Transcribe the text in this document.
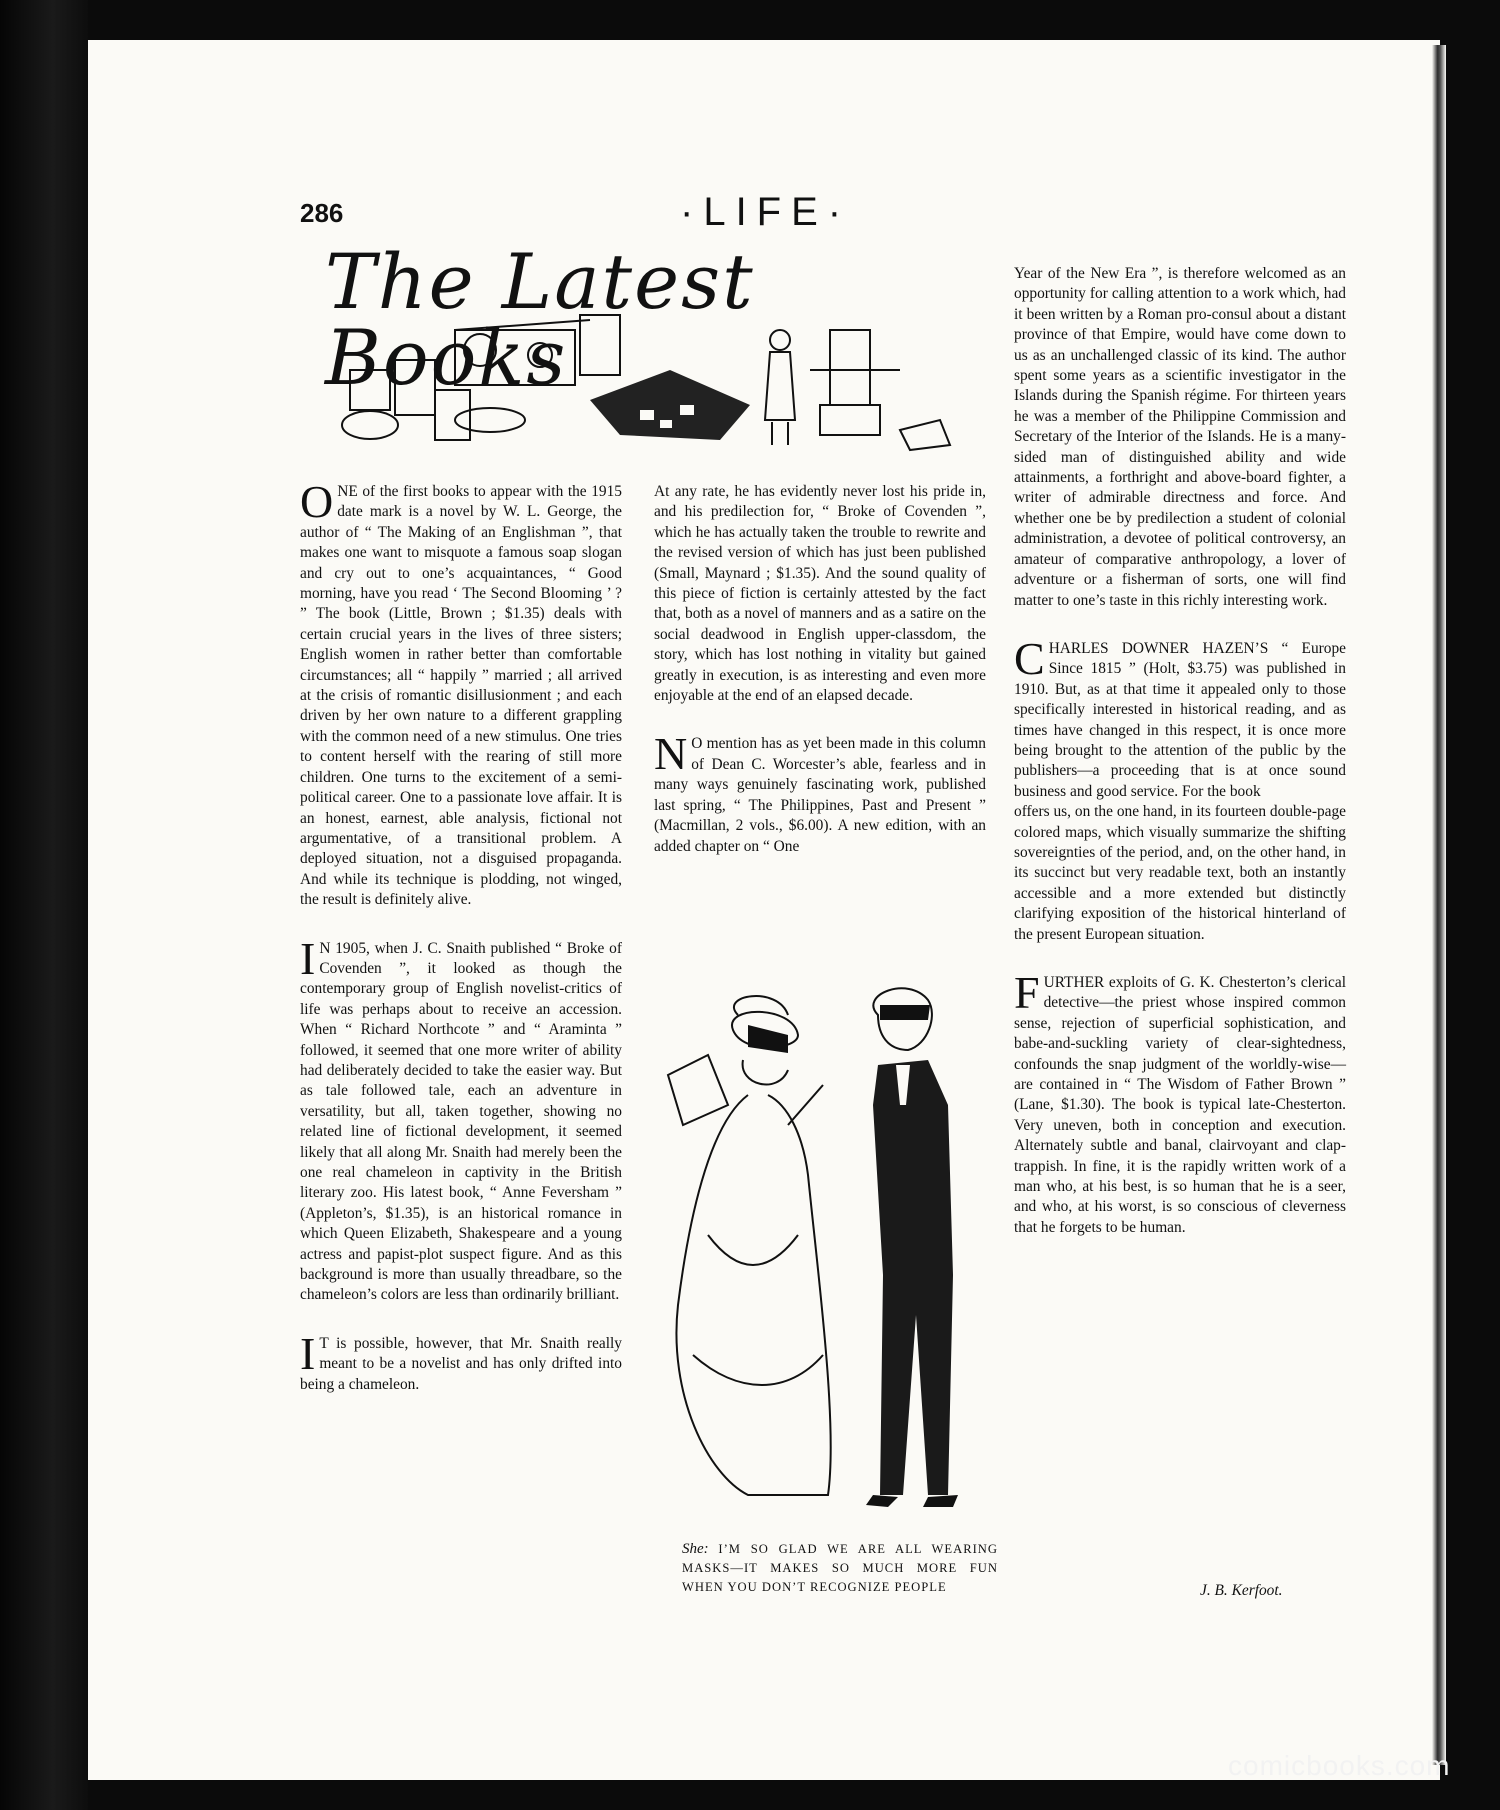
286	·LIFE·
The Latest Books

ONE of the first books to appear with the 1915 date mark is a novel by W. L. George, the author of “ The Making of an Englishman ”, that makes one want to misquote a famous soap slogan and cry out to one’s acquaintances, “ Good morning, have you read ‘ The Second Blooming ’ ? ” The book (Little, Brown ; $1.35) deals with certain crucial years in the lives of three sisters; English women in rather better than comfortable circumstances; all “ happily ” married ; all arrived at the crisis of romantic disillusionment ; and each driven by her own nature to a different grappling with the common need of a new stimulus. One tries to content herself with the rearing of still more children. One turns to the excitement of a semi-political career. One to a passionate love affair. It is an honest, earnest, able analysis, fictional not argumentative, of a transitional problem. A deployed situation, not a disguised propaganda. And while its technique is plodding, not winged, the result is definitely alive.

I N 1905, when J. C. Snaith published “ Broke of Covenden ”, it looked as though the contemporary group of English novelist-critics of life was perhaps about to receive an accession. When “ Richard Northcote ” and “ Araminta ” followed, it seemed that one more writer of ability had deliberately decided to take the easier way. But as tale followed tale, each an adventure in versatility, but all, taken together, showing no related line of fictional development, it seemed likely that all along Mr. Snaith had merely been the one real chameleon in captivity in the British literary zoo. His latest book, “ Anne Feversham ” (Appleton’s, $1.35), is an historical romance in which Queen Elizabeth, Shakespeare and a young actress and papist-plot suspect figure. And as this background is more than usually threadbare, so the chameleon’s colors are less than ordinarily brilliant.

I T is possible, however, that Mr. Snaith really meant to be a novelist and has only drifted into being a chameleon.

At any rate, he has evidently never lost his pride in, and his predilection for, “ Broke of Covenden ”, which he has actually taken the trouble to rewrite and the revised version of which has just been published (Small, Maynard ; $1.35). And the sound quality of this piece of fiction is certainly attested by the fact that, both as a novel of manners and as a satire on the social deadwood in English upper-classdom, the story, which has lost nothing in vitality but gained greatly in execution, is as interesting and even more enjoyable at the end of an elapsed decade.

N O mention has as yet been made in this column of Dean C. Worcester’s able, fearless and in many ways genuinely fascinating work, published last spring, “ The Philippines, Past and Present ” (Macmillan, 2 vols., $6.00). A new edition, with an added chapter on “ One

She: I’M SO GLAD WE ARE ALL WEARING MASKS—IT MAKES SO MUCH MORE FUN WHEN YOU DON’T RECOGNIZE PEOPLE

Year of the New Era ”, is therefore welcomed as an opportunity for calling attention to a work which, had it been written by a Roman pro-consul about a distant province of that Empire, would have come down to us as an unchallenged classic of its kind. The author spent some years as a scientific investigator in the Islands during the Spanish régime. For thirteen years he was a member of the Philippine Commission and Secretary of the Interior of the Islands. He is a many-sided man of distinguished ability and wide attainments, a forthright and above-board fighter, a writer of admirable directness and force. And whether one be by predilection a student of colonial administration, a devotee of political controversy, an amateur of comparative anthropology, a lover of adventure or a fisherman of sorts, one will find matter to one’s taste in this richly interesting work.

CHARLES DOWNER HAZEN’S “ Europe Since 1815 ” (Holt, $3.75) was published in 1910. But, as at that time it appealed only to those specifically interested in historical reading, and as times have changed in this respect, it is once more being brought to the attention of the public by the publishers—a proceeding that is at once sound business and good service. For the book

offers us, on the one hand, in its fourteen double-page colored maps, which visually summarize the shifting sovereignties of the period, and, on the other hand, in its succinct but very readable text, both an instantly accessible and a more extended but distinctly clarifying exposition of the historical hinterland of the present European situation.

FURTHER exploits of G. K. Chesterton’s clerical detective—the priest whose inspired common sense, rejection of superficial sophistication, and babe-and-suckling variety of clear-sightedness, confounds the snap judgment of the worldly-wise—are contained in “ The Wisdom of Father Brown ” (Lane, $1.30). The book is typical late-Chesterton. Very uneven, both in conception and execution. Alternately subtle and banal, clairvoyant and clap-trappish. In fine, it is the rapidly written work of a man who, at his best, is so human that he is a seer, and who, at his worst, is so conscious of cleverness that he forgets to be human.

J. B. Kerfoot.
comicbooks.com
